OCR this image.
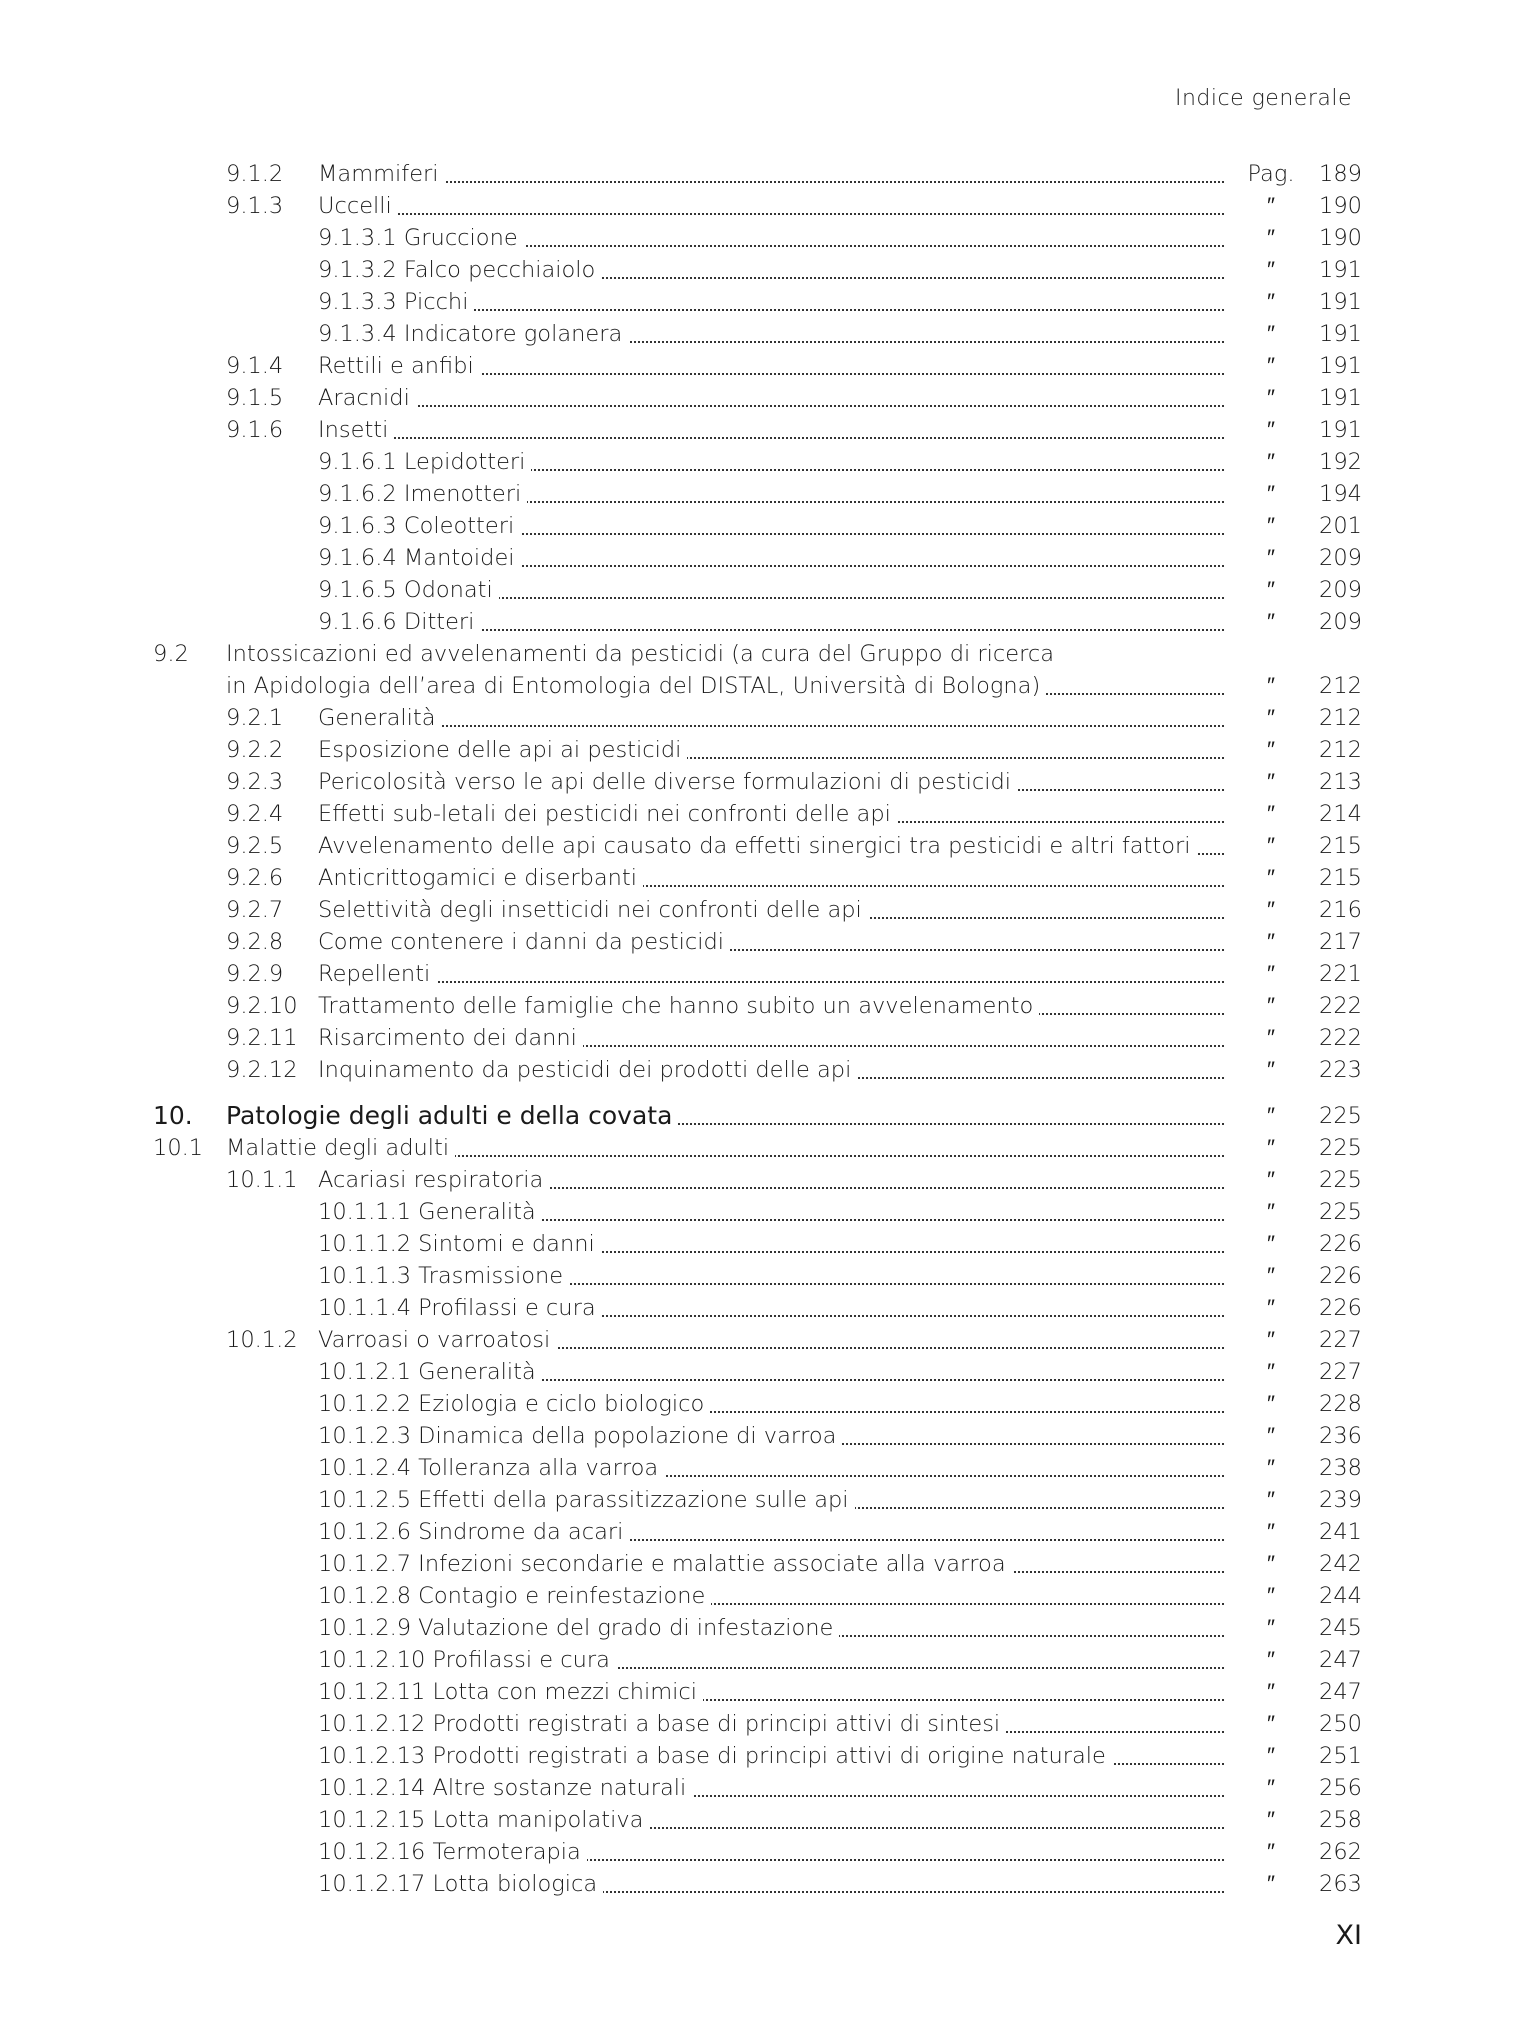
Indice generale
9.1.2 Mammiferi	Pag.	189
9.1.3 Uccelli	″	190
9.1.3.1 Gruccione	″	190
9.1.3.2 Falco pecchiaiolo	″	191
9.1.3.3 Picchi	″	191
9.1.3.4 Indicatore golanera	″	191
9.1.4 Rettili e anfibi	″	191
9.1.5 Aracnidi	″	191
9.1.6 Insetti	″	191
9.1.6.1 Lepidotteri	″	192
9.1.6.2 Imenotteri	″	194
9.1.6.3 Coleotteri	″	201
9.1.6.4 Mantoidei	″	209
9.1.6.5 Odonati	″	209
9.1.6.6 Ditteri	″	209
9.2 Intossicazioni ed avvelenamenti da pesticidi (a cura del Gruppo di ricerca
in Apidologia dell’area di Entomologia del DISTAL, Università di Bologna)	″	212
9.2.1 Generalità	″	212
9.2.2 Esposizione delle api ai pesticidi	″	212
9.2.3 Pericolosità verso le api delle diverse formulazioni di pesticidi	″	213
9.2.4 Effetti sub-letali dei pesticidi nei confronti delle api	″	214
9.2.5 Avvelenamento delle api causato da effetti sinergici tra pesticidi e altri fattori	″	215
9.2.6 Anticrittogamici e diserbanti	″	215
9.2.7 Selettività degli insetticidi nei confronti delle api	″	216
9.2.8 Come contenere i danni da pesticidi	″	217
9.2.9 Repellenti	″	221
9.2.10 Trattamento delle famiglie che hanno subito un avvelenamento	″	222
9.2.11 Risarcimento dei danni	″	222
9.2.12 Inquinamento da pesticidi dei prodotti delle api	″	223
10. Patologie degli adulti e della covata	″	225
10.1 Malattie degli adulti	″	225
10.1.1 Acariasi respiratoria	″	225
10.1.1.1 Generalità	″	225
10.1.1.2 Sintomi e danni	″	226
10.1.1.3 Trasmissione	″	226
10.1.1.4 Profilassi e cura	″	226
10.1.2 Varroasi o varroatosi	″	227
10.1.2.1 Generalità	″	227
10.1.2.2 Eziologia e ciclo biologico	″	228
10.1.2.3 Dinamica della popolazione di varroa	″	236
10.1.2.4 Tolleranza alla varroa	″	238
10.1.2.5 Effetti della parassitizzazione sulle api	″	239
10.1.2.6 Sindrome da acari	″	241
10.1.2.7 Infezioni secondarie e malattie associate alla varroa	″	242
10.1.2.8 Contagio e reinfestazione	″	244
10.1.2.9 Valutazione del grado di infestazione	″	245
10.1.2.10 Profilassi e cura	″	247
10.1.2.11 Lotta con mezzi chimici	″	247
10.1.2.12 Prodotti registrati a base di principi attivi di sintesi	″	250
10.1.2.13 Prodotti registrati a base di principi attivi di origine naturale	″	251
10.1.2.14 Altre sostanze naturali	″	256
10.1.2.15 Lotta manipolativa	″	258
10.1.2.16 Termoterapia	″	262
10.1.2.17 Lotta biologica	″	263
XI
